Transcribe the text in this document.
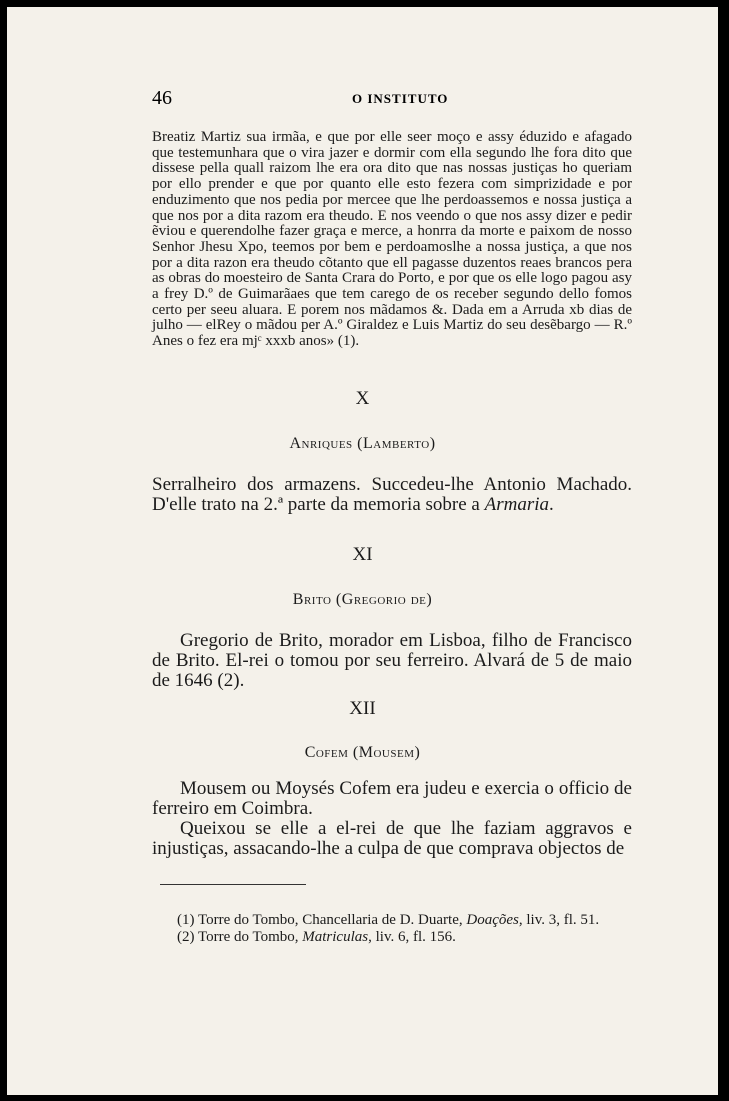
46	O INSTITUTO

Breatiz Martiz sua irmãa, e que por elle seer moço e assy éduzido e afagado que testemunhara que o vira jazer e dormir com ella segundo lhe fora dito que dissese pella quall raizom lhe era ora dito que nas nossas justiças ho queriam por ello prender e que por quanto elle esto fezera com simprizidade e por enduzimento que nos pedia por mercee que lhe perdoassemos e nossa justiça a que nos por a dita razom era theudo. E nos veendo o que nos assy dizer e pedir ẽviou e querendolhe fazer graça e merce, a honrra da morte e paixom de nosso Senhor Jhesu Xpo, teemos por bem e perdoamoslhe a nossa justiça, a que nos por a dita razon era theudo cõtanto que ell pagasse duzentos reaes brancos pera as obras do moesteiro de Santa Crara do Porto, e por que os elle logo pagou asy a frey D.º de Guimarãaes que tem carego de os receber segundo dello fomos certo per seeu aluara. E porem nos mãdamos &. Dada em a Arruda xb dias de julho — elRey o mãdou per A.º Giraldez e Luis Martiz do seu desẽbargo — R.º Anes o fez era mjᶜ xxxb anos» (1).

X
Anriques (Lamberto)

Serralheiro dos armazens. Succedeu-lhe Antonio Machado. D'elle trato na 2.ª parte da memoria sobre a Armaria.

XI
Brito (Gregorio de)

Gregorio de Brito, morador em Lisboa, filho de Francisco de Brito. El-rei o tomou por seu ferreiro. Alvará de 5 de maio de 1646 (2).

XII
Cofem (Mousem)

Mousem ou Moysés Cofem era judeu e exercia o officio de ferreiro em Coimbra.

Queixou se elle a el-rei de que lhe faziam aggravos e injustiças, assacando-lhe a culpa de que comprava objectos de

(1) Torre do Tombo, Chancellaria de D. Duarte, Doações, liv. 3, fl. 51.

(2) Torre do Tombo, Matriculas, liv. 6, fl. 156.
